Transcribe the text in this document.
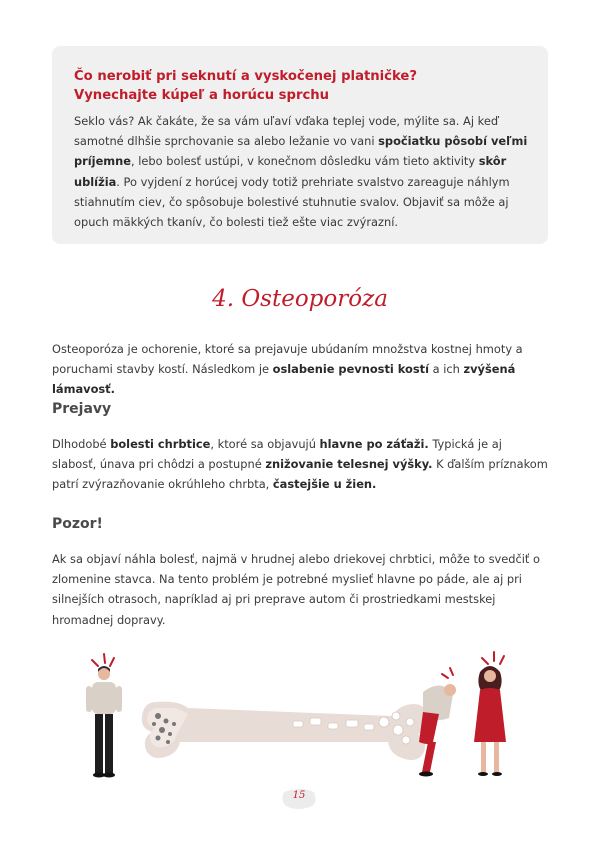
Čo nerobiť pri seknutí a vyskočenej platničke?
Vynechajte kúpeľ a horúcu sprchu
Seklo vás? Ak čakáte, že sa vám uľaví vďaka teplej vode, mýlite sa. Aj keď samotné dlhšie sprchovanie sa alebo ležanie vo vani spočiatku pôsobí veľmi príjemne, lebo bolesť ustúpi, v konečnom dôsledku vám tieto aktivity skôr ublížia. Po vyjdení z horúcej vody totiž prehriate svalstvo zareaguje náhlym stiahnutím ciev, čo spôsobuje bolestivé stuhnutie svalov. Objaviť sa môže aj opuch mäkkých tkanív, čo bolesti tiež ešte viac zvýrazní.
4. Osteoporóza
Osteoporóza je ochorenie, ktoré sa prejavuje ubúdaním množstva kostnej hmoty a poruchami stavby kostí. Následkom je oslabenie pevnosti kostí a ich zvýšená lámavosť.
Prejavy
Dlhodobé bolesti chrbtice, ktoré sa objavujú hlavne po záťaži. Typická je aj slabosť, únava pri chôdzi a postupné znižovanie telesnej výšky. K ďalším príznakom patrí zvýrazňovanie okrúhleho chrbta, častejšie u žien.
Pozor!
Ak sa objaví náhla bolesť, najmä v hrudnej alebo driekovej chrbtici, môže to svedčiť o zlomenine stavca. Na tento problém je potrebné myslieť hlavne po páde, ale aj pri silnejších otrasoch, napríklad aj pri preprave autom či prostriedkami mestskej hromadnej dopravy.
15
